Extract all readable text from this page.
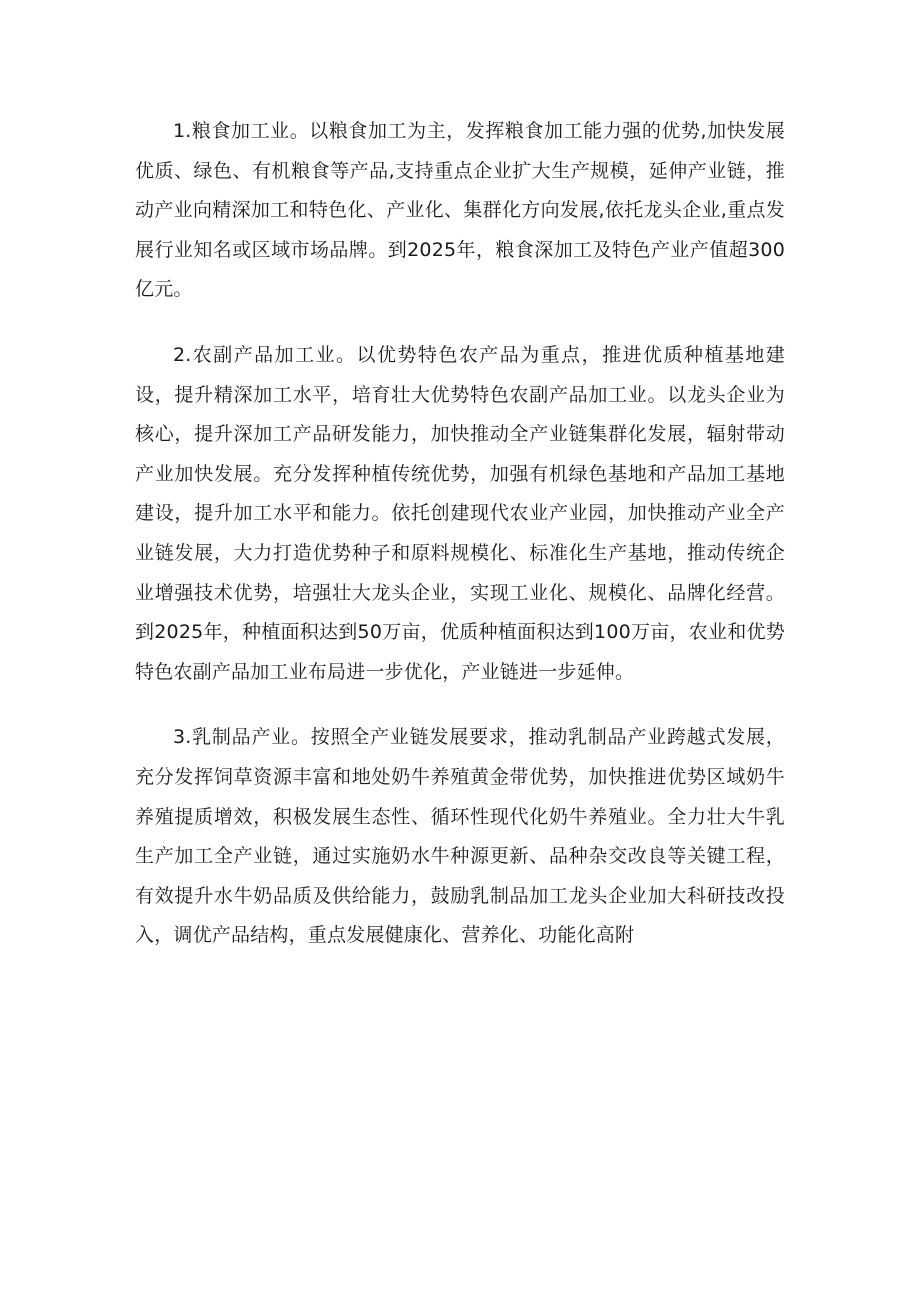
1.粮食加工业。以粮食加工为主，发挥粮食加工能力强的优势,加快发展优质、绿色、有机粮食等产品,支持重点企业扩大生产规模，延伸产业链，推动产业向精深加工和特色化、产业化、集群化方向发展,依托龙头企业,重点发展行业知名或区域市场品牌。到2025年，粮食深加工及特色产业产值超300亿元。

2.农副产品加工业。以优势特色农产品为重点，推进优质种植基地建设，提升精深加工水平，培育壮大优势特色农副产品加工业。以龙头企业为核心，提升深加工产品研发能力，加快推动全产业链集群化发展，辐射带动产业加快发展。充分发挥种植传统优势，加强有机绿色基地和产品加工基地建设，提升加工水平和能力。依托创建现代农业产业园，加快推动产业全产业链发展，大力打造优势种子和原料规模化、标准化生产基地，推动传统企业增强技术优势，培强壮大龙头企业，实现工业化、规模化、品牌化经营。到2025年，种植面积达到50万亩，优质种植面积达到100万亩，农业和优势特色农副产品加工业布局进一步优化，产业链进一步延伸。

3.乳制品产业。按照全产业链发展要求，推动乳制品产业跨越式发展，充分发挥饲草资源丰富和地处奶牛养殖黄金带优势，加快推进优势区域奶牛养殖提质增效，积极发展生态性、循环性现代化奶牛养殖业。全力壮大牛乳生产加工全产业链，通过实施奶水牛种源更新、品种杂交改良等关键工程，有效提升水牛奶品质及供给能力，鼓励乳制品加工龙头企业加大科研技改投入，调优产品结构，重点发展健康化、营养化、功能化高附
